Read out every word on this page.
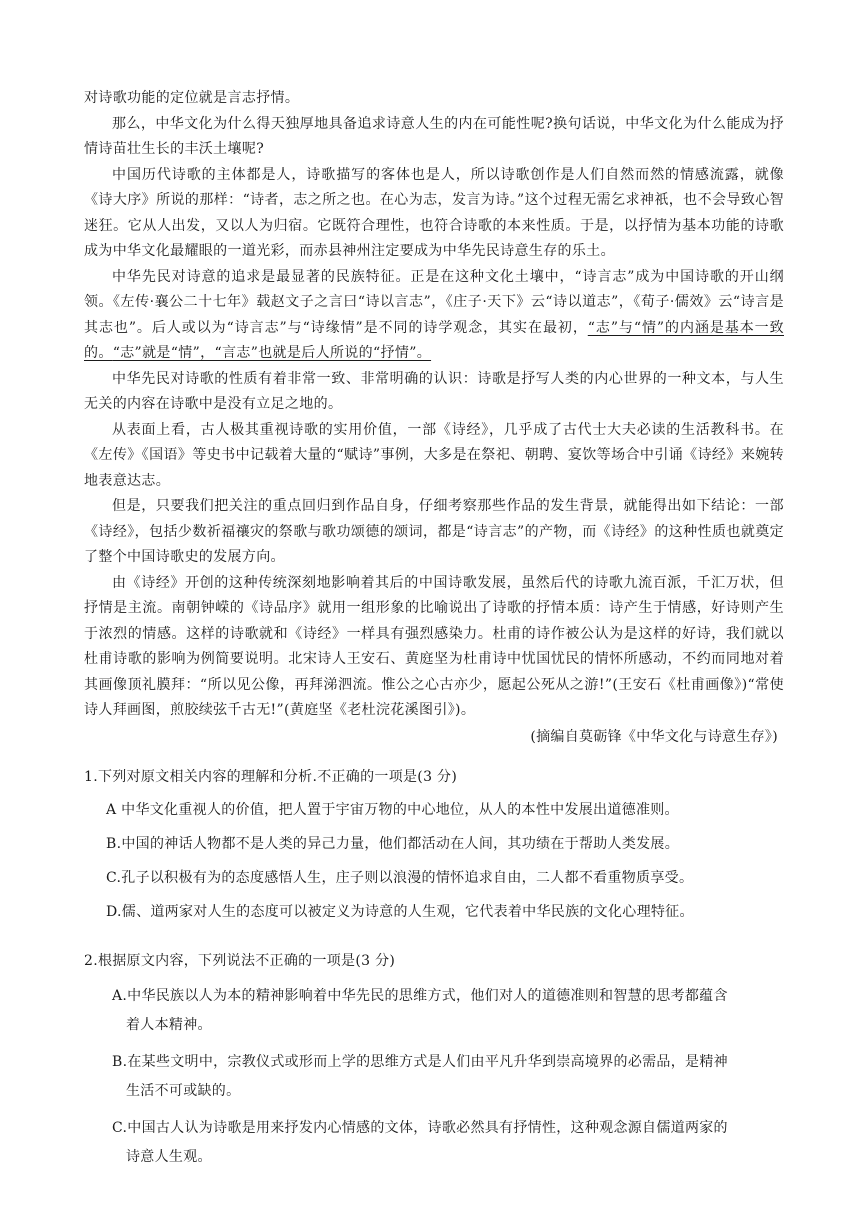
对诗歌功能的定位就是言志抒情。

那么，中华文化为什么得天独厚地具备追求诗意人生的内在可能性呢?换句话说，中华文化为什么能成为抒情诗苗壮生长的丰沃土壤呢?

中国历代诗歌的主体都是人，诗歌描写的客体也是人，所以诗歌创作是人们自然而然的情感流露，就像《诗大序》所说的那样：“诗者，志之所之也。在心为志，发言为诗。”这个过程无需乞求神祇，也不会导致心智迷狂。它从人出发，又以人为归宿。它既符合理性，也符合诗歌的本来性质。于是，以抒情为基本功能的诗歌成为中华文化最耀眼的一道光彩，而赤县神州注定要成为中华先民诗意生存的乐土。

中华先民对诗意的追求是最显著的民族特征。正是在这种文化土壤中，“诗言志”成为中国诗歌的开山纲领。《左传·襄公二十七年》载赵文子之言曰“诗以言志”，《庄子·天下》云“诗以道志”，《荀子·儒效》云“诗言是其志也”。后人或以为“诗言志”与“诗缘情”是不同的诗学观念，其实在最初，“志”与“情”的内涵是基本一致的。“志”就是“情”，“言志”也就是后人所说的“抒情”。

中华先民对诗歌的性质有着非常一致、非常明确的认识：诗歌是抒写人类的内心世界的一种文本，与人生无关的内容在诗歌中是没有立足之地的。

从表面上看，古人极其重视诗歌的实用价值，一部《诗经》，几乎成了古代士大夫必读的生活教科书。在《左传》《国语》等史书中记载着大量的“赋诗”事例，大多是在祭祀、朝聘、宴饮等场合中引诵《诗经》来婉转地表意达志。

但是，只要我们把关注的重点回归到作品自身，仔细考察那些作品的发生背景，就能得出如下结论：一部《诗经》，包括少数祈福禳灾的祭歌与歌功颂德的颂词，都是“诗言志”的产物，而《诗经》的这种性质也就奠定了整个中国诗歌史的发展方向。

由《诗经》开创的这种传统深刻地影响着其后的中国诗歌发展，虽然后代的诗歌九流百派，千汇万状，但抒情是主流。南朝钟嵘的《诗品序》就用一组形象的比喻说出了诗歌的抒情本质：诗产生于情感，好诗则产生于浓烈的情感。这样的诗歌就和《诗经》一样具有强烈感染力。杜甫的诗作被公认为是这样的好诗，我们就以杜甫诗歌的影响为例简要说明。北宋诗人王安石、黄庭坚为杜甫诗中忧国忧民的情怀所感动，不约而同地对着其画像顶礼膜拜：“所以见公像，再拜涕泗流。惟公之心古亦少，愿起公死从之游!”(王安石《杜甫画像》)“常使诗人拜画图，煎胶续弦千古无!”(黄庭坚《老杜浣花溪图引》)。

(摘编自莫砺锋《中华文化与诗意生存》)

1.下列对原文相关内容的理解和分析.不正确的一项是(3 分)

A 中华文化重视人的价值，把人置于宇宙万物的中心地位，从人的本性中发展出道德准则。

B.中国的神话人物都不是人类的异己力量，他们都活动在人间，其功绩在于帮助人类发展。

C.孔子以积极有为的态度感悟人生，庄子则以浪漫的情怀追求自由，二人都不看重物质享受。

D.儒、道两家对人生的态度可以被定义为诗意的人生观，它代表着中华民族的文化心理特征。

2.根据原文内容，下列说法不正确的一项是(3 分)

A.中华民族以人为本的精神影响着中华先民的思维方式，他们对人的道德准则和智慧的思考都蕴含
着人本精神。

B.在某些文明中，宗教仪式或形而上学的思维方式是人们由平凡升华到崇高境界的必需品，是精神
生活不可或缺的。

C.中国古人认为诗歌是用来抒发内心情感的文体，诗歌必然具有抒情性，这种观念源自儒道两家的
诗意人生观。
